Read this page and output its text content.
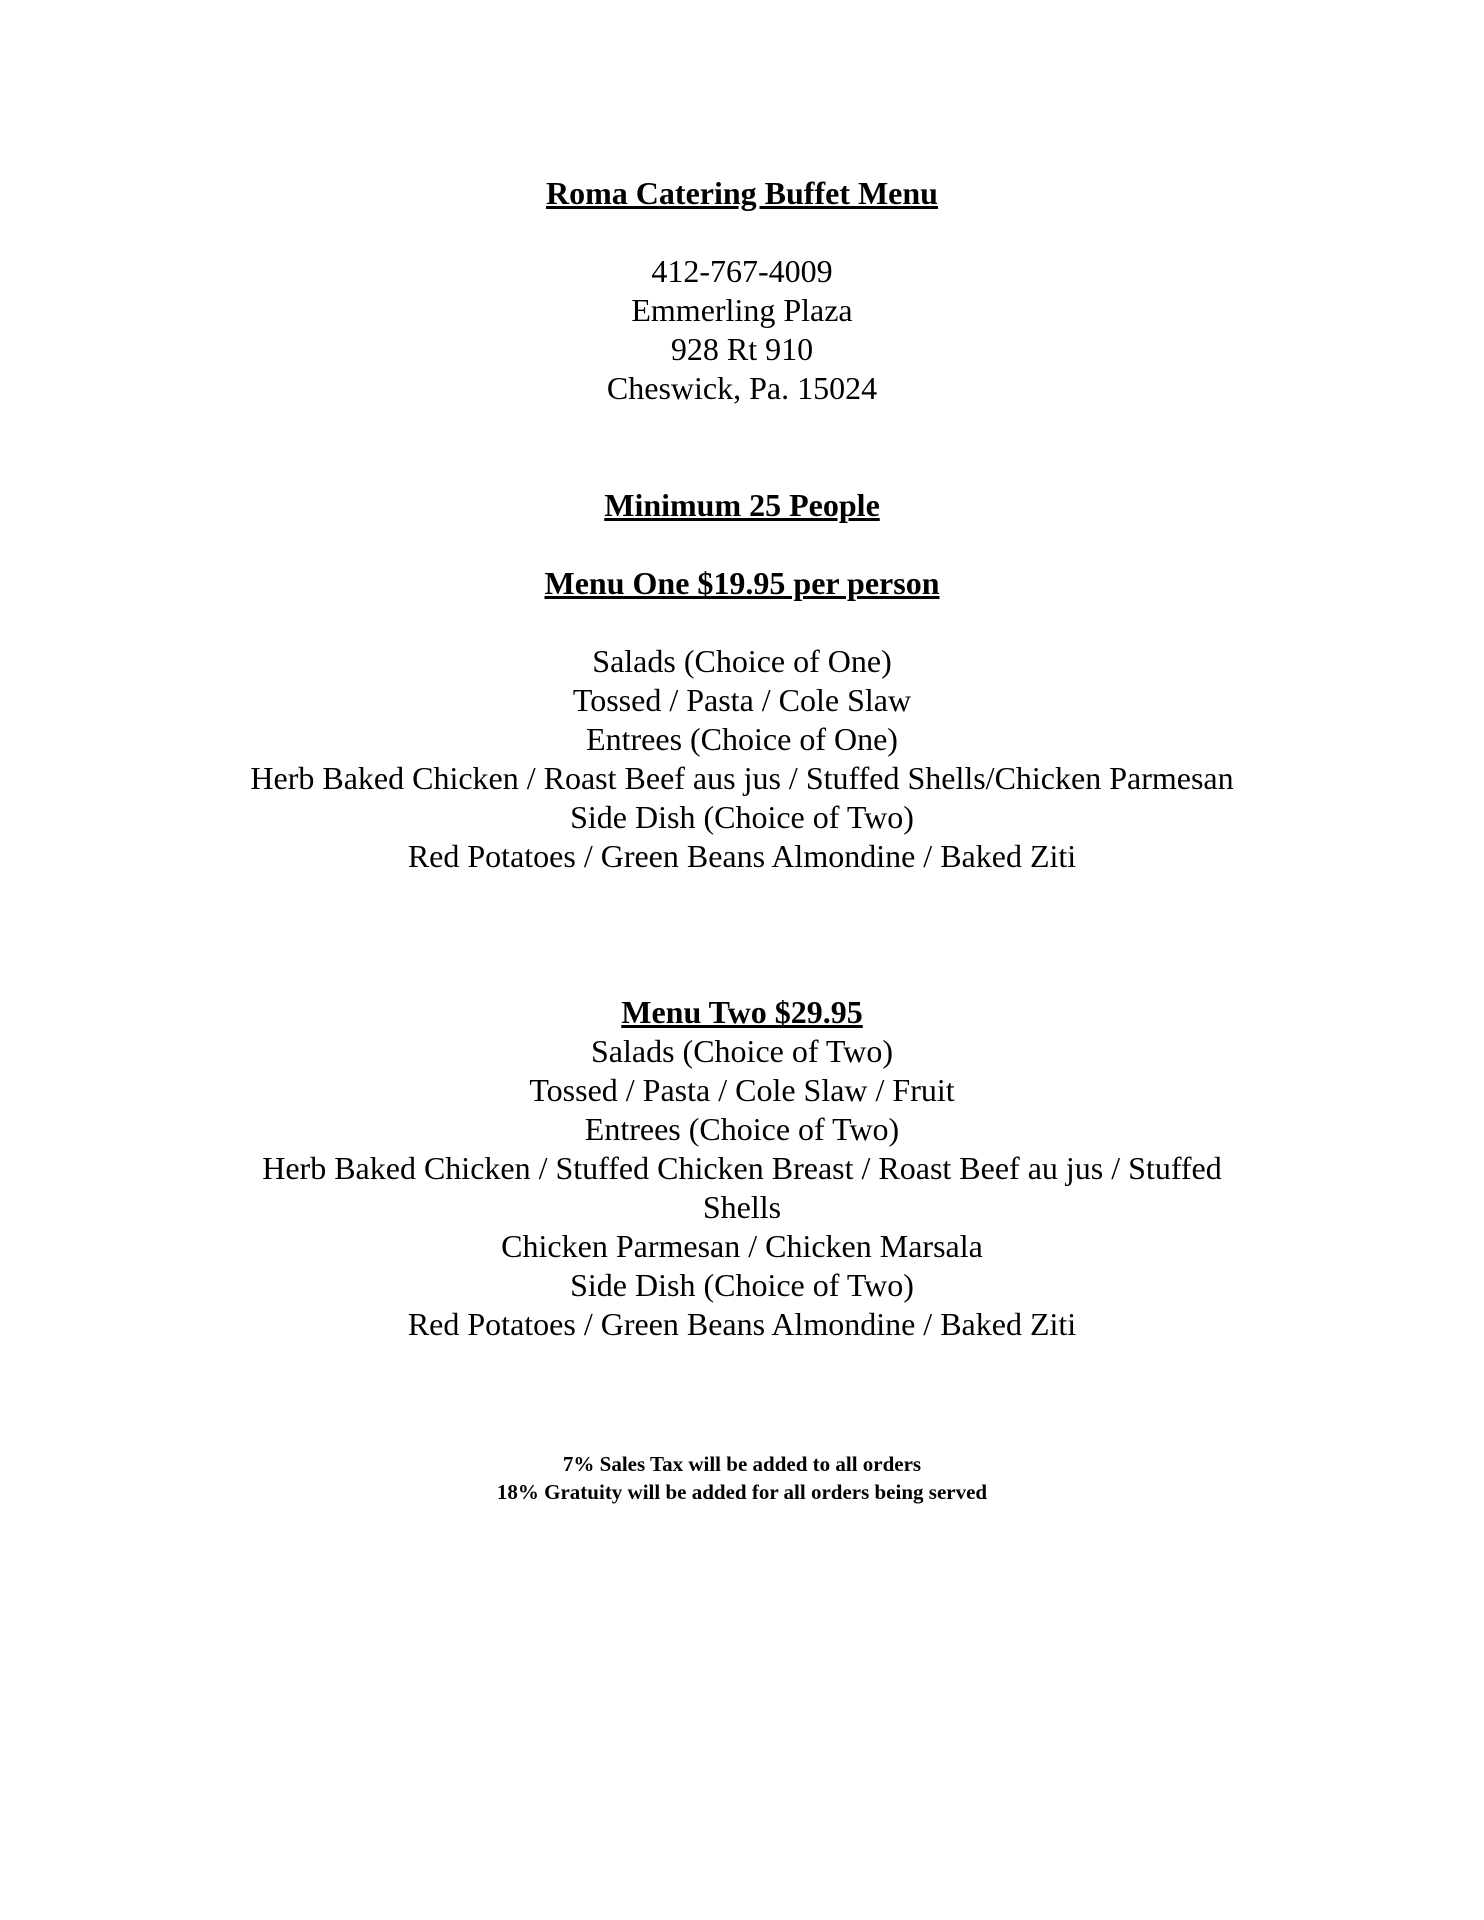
Roma Catering Buffet Menu
412-767-4009
Emmerling Plaza
928 Rt 910
Cheswick, Pa. 15024
Minimum 25 People
Menu One $19.95 per person
Salads (Choice of One)
Tossed / Pasta / Cole Slaw
Entrees (Choice of One)
Herb Baked Chicken / Roast Beef aus jus / Stuffed Shells/Chicken Parmesan
Side Dish (Choice of Two)
Red Potatoes / Green Beans Almondine / Baked Ziti
Menu Two $29.95
Salads (Choice of Two)
Tossed / Pasta / Cole Slaw / Fruit
Entrees (Choice of Two)
Herb Baked Chicken / Stuffed Chicken Breast / Roast Beef au jus / Stuffed Shells
Chicken Parmesan / Chicken Marsala
Side Dish (Choice of Two)
Red Potatoes / Green Beans Almondine / Baked Ziti
7% Sales Tax will be added to all orders
18% Gratuity will be added for all orders being served
